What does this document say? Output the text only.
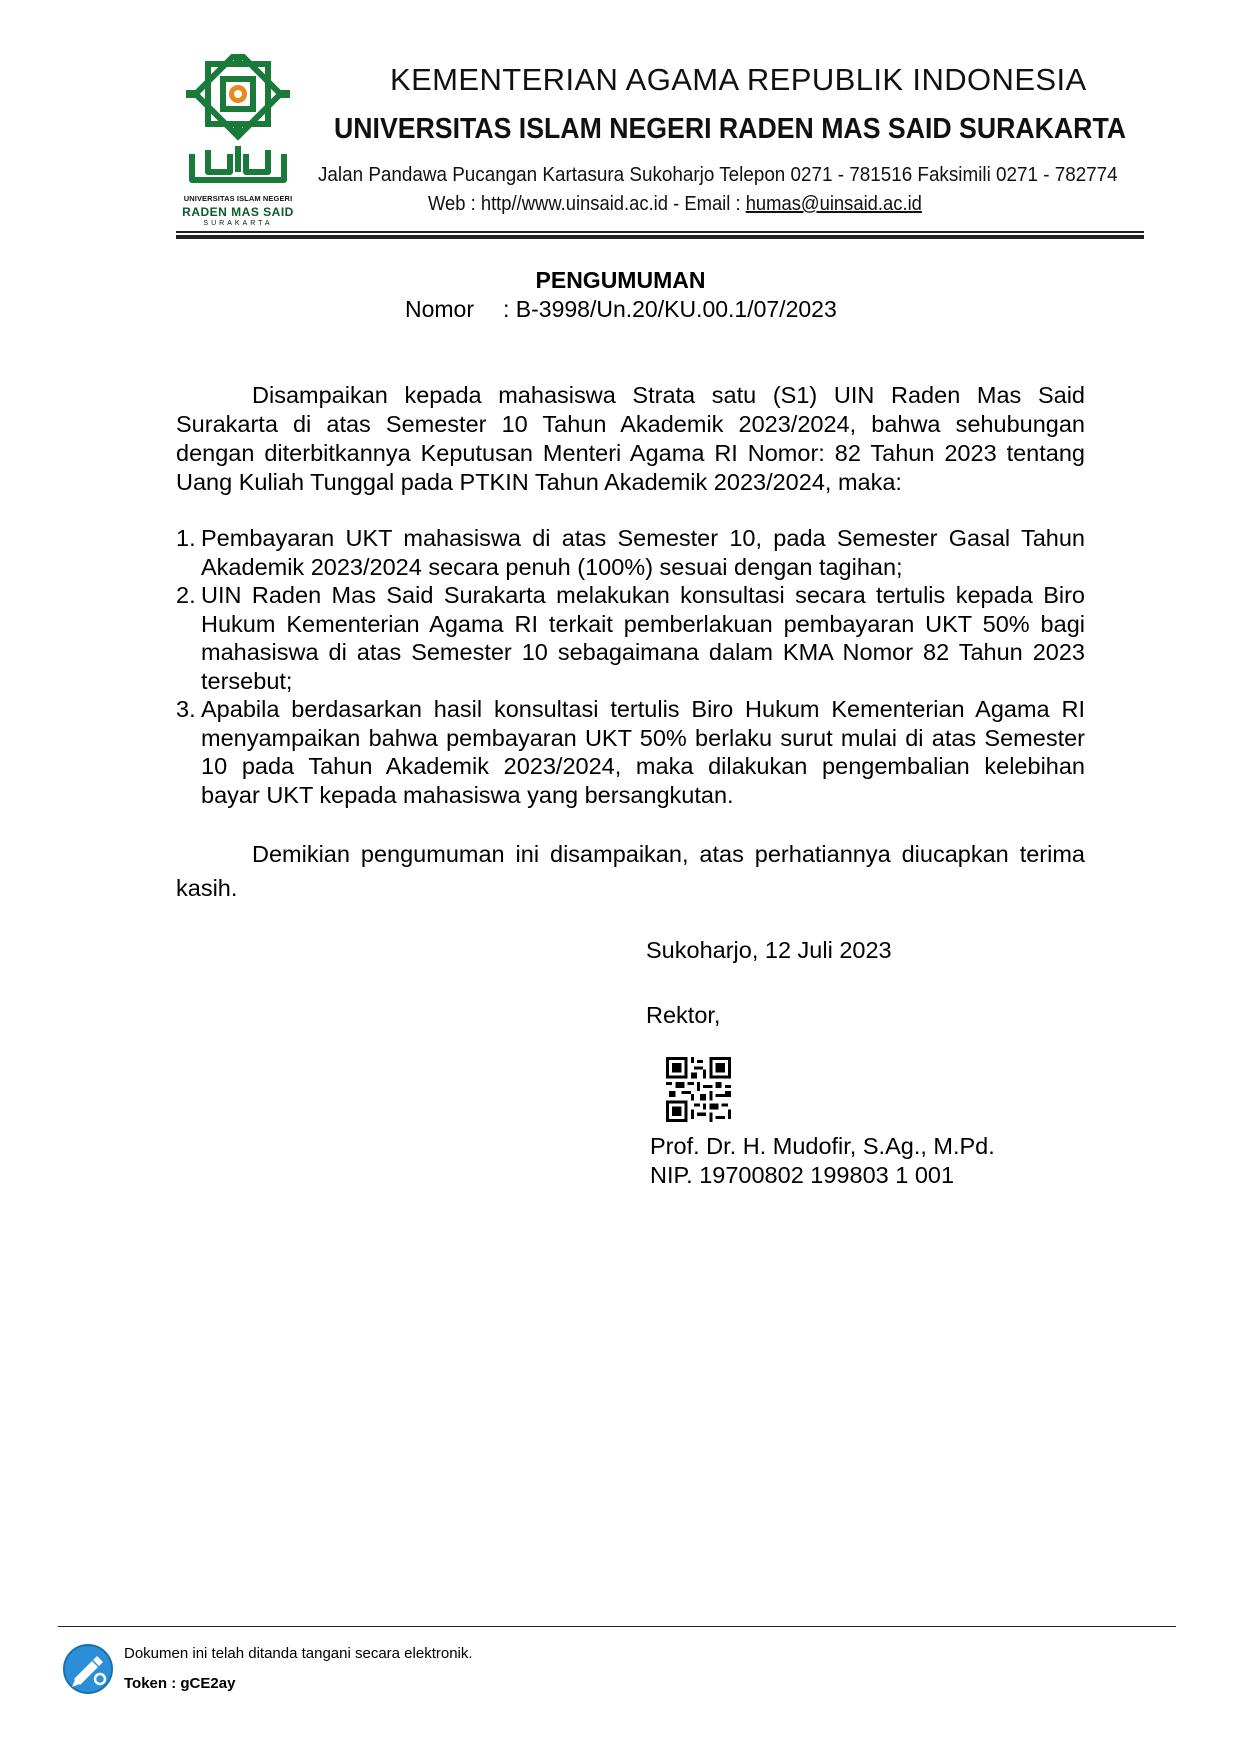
UNIVERSITAS ISLAM NEGERI
RADEN MAS SAID
SURAKARTA
KEMENTERIAN AGAMA REPUBLIK INDONESIA
UNIVERSITAS ISLAM NEGERI RADEN MAS SAID SURAKARTA
Jalan Pandawa Pucangan Kartasura Sukoharjo Telepon 0271 - 781516 Faksimili 0271 - 782774
Web : http//www.uinsaid.ac.id - Email : humas@uinsaid.ac.id
PENGUMUMAN
Nomor : B-3998/Un.20/KU.00.1/07/2023
Disampaikan kepada mahasiswa Strata satu (S1) UIN Raden Mas Said Surakarta di atas Semester 10 Tahun Akademik 2023/2024, bahwa sehubungan dengan diterbitkannya Keputusan Menteri Agama RI Nomor: 82 Tahun 2023 tentang Uang Kuliah Tunggal pada PTKIN Tahun Akademik 2023/2024, maka:
1. Pembayaran UKT mahasiswa di atas Semester 10, pada Semester Gasal Tahun Akademik 2023/2024 secara penuh (100%) sesuai dengan tagihan;
2. UIN Raden Mas Said Surakarta melakukan konsultasi secara tertulis kepada Biro Hukum Kementerian Agama RI terkait pemberlakuan pembayaran UKT 50% bagi mahasiswa di atas Semester 10 sebagaimana dalam KMA Nomor 82 Tahun 2023 tersebut;
3. Apabila berdasarkan hasil konsultasi tertulis Biro Hukum Kementerian Agama RI menyampaikan bahwa pembayaran UKT 50% berlaku surut mulai di atas Semester 10 pada Tahun Akademik 2023/2024, maka dilakukan pengembalian kelebihan bayar UKT kepada mahasiswa yang bersangkutan.
Demikian pengumuman ini disampaikan, atas perhatiannya diucapkan terima kasih.
Sukoharjo, 12 Juli 2023
Rektor,
Prof. Dr. H. Mudofir, S.Ag., M.Pd.
NIP. 19700802 199803 1 001
Dokumen ini telah ditanda tangani secara elektronik.
Token : gCE2ay
